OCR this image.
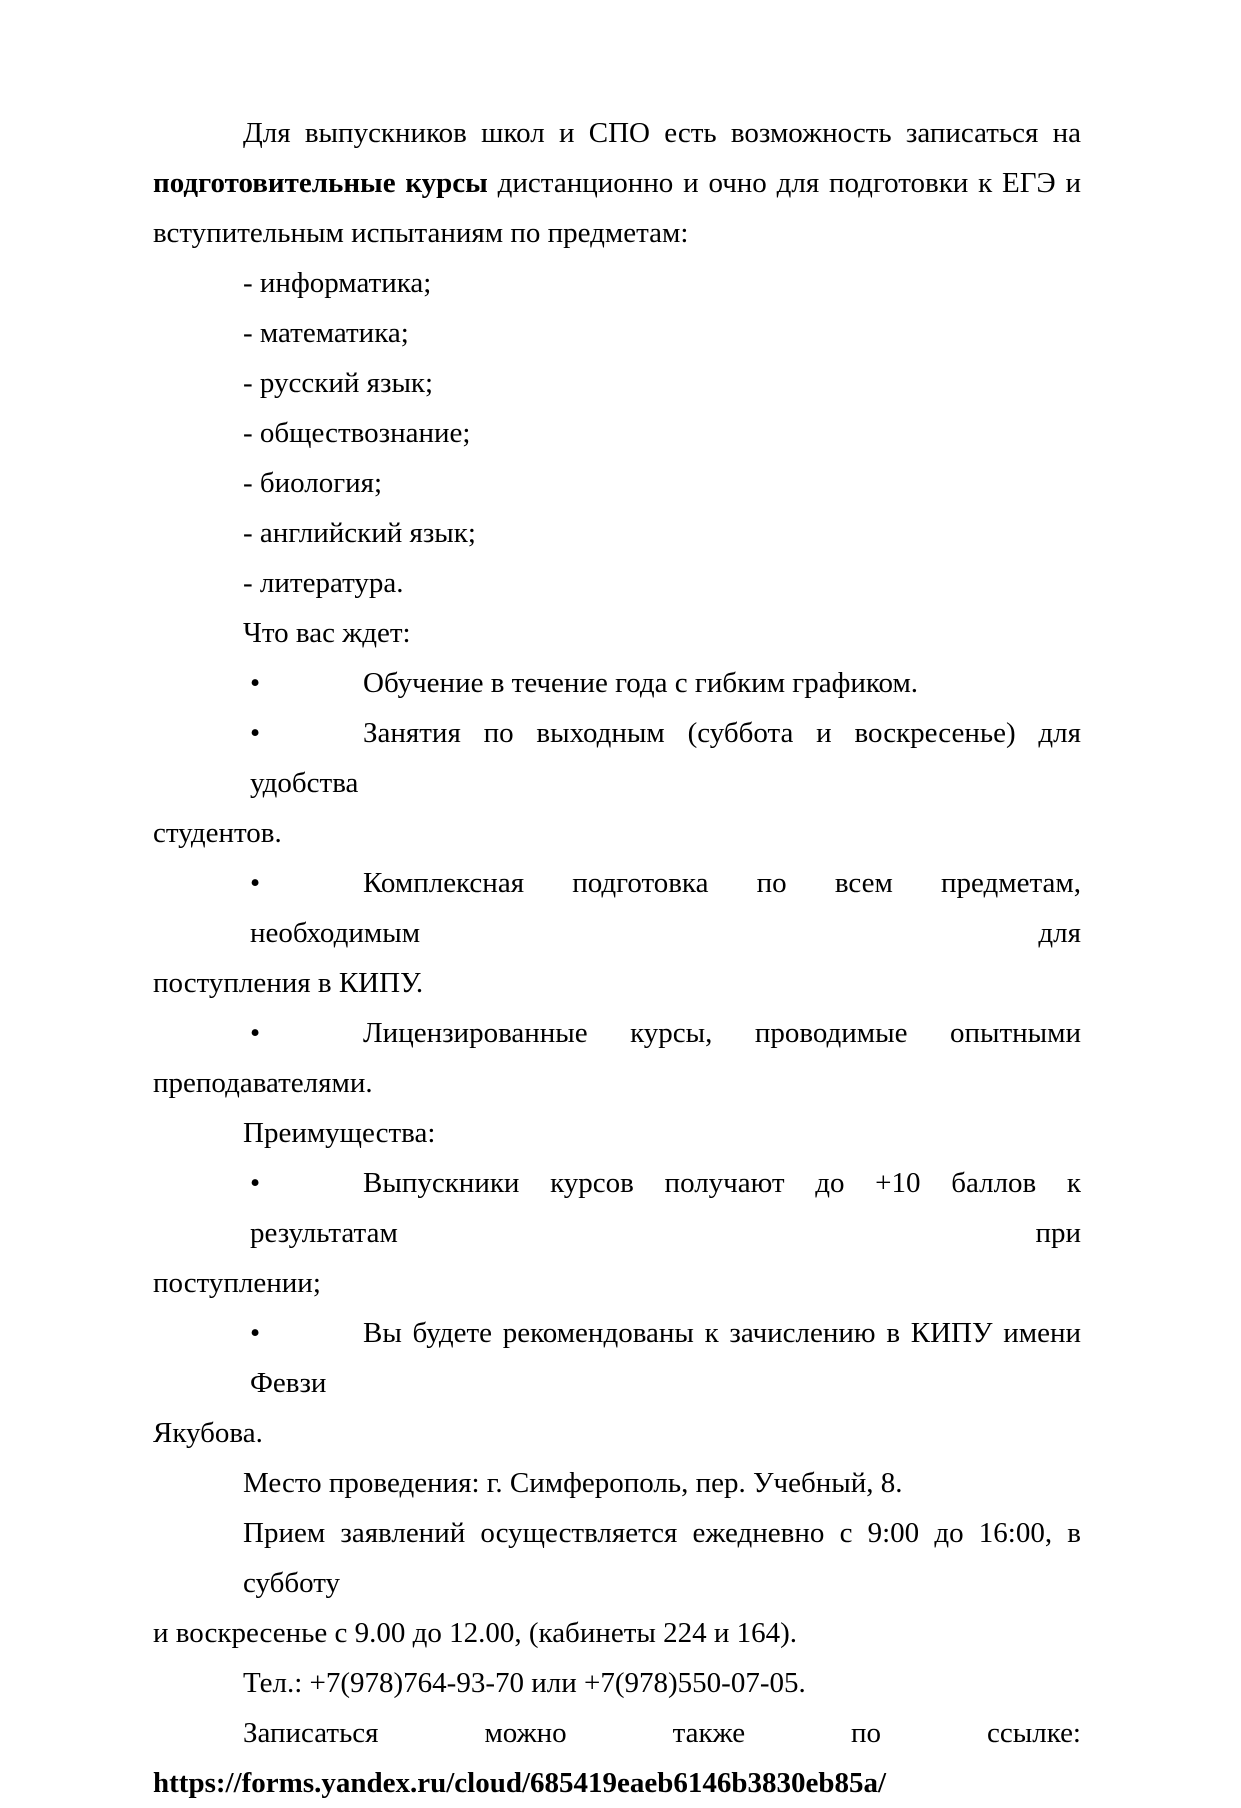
Для выпускников школ и СПО есть возможность записаться на
подготовительные курсы дистанционно и очно для подготовки к ЕГЭ и
вступительным испытаниям по предметам:
- информатика;
- математика;
- русский язык;
- обществознание;
- биология;
- английский язык;
- литература.
Что вас ждет:
•	Обучение в течение года с гибким графиком.
•	Занятия по выходным (суббота и воскресенье) для удобства
студентов.
•	Комплексная подготовка по всем предметам, необходимым для
поступления в КИПУ.
•	Лицензированные курсы, проводимые опытными
преподавателями.
Преимущества:
•	Выпускники курсов получают до +10 баллов к результатам при
поступлении;
•	Вы будете рекомендованы к зачислению в КИПУ имени Февзи
Якубова.
Место проведения: г. Симферополь, пер. Учебный, 8.
Прием заявлений осуществляется ежедневно с 9:00 до 16:00, в субботу
и воскресенье с 9.00 до 12.00, (кабинеты 224 и 164).
Тел.: +7(978)764-93-70 или +7(978)550-07-05.
Записаться можно также по ссылке:
https://forms.yandex.ru/cloud/685419eaeb6146b3830eb85a/
